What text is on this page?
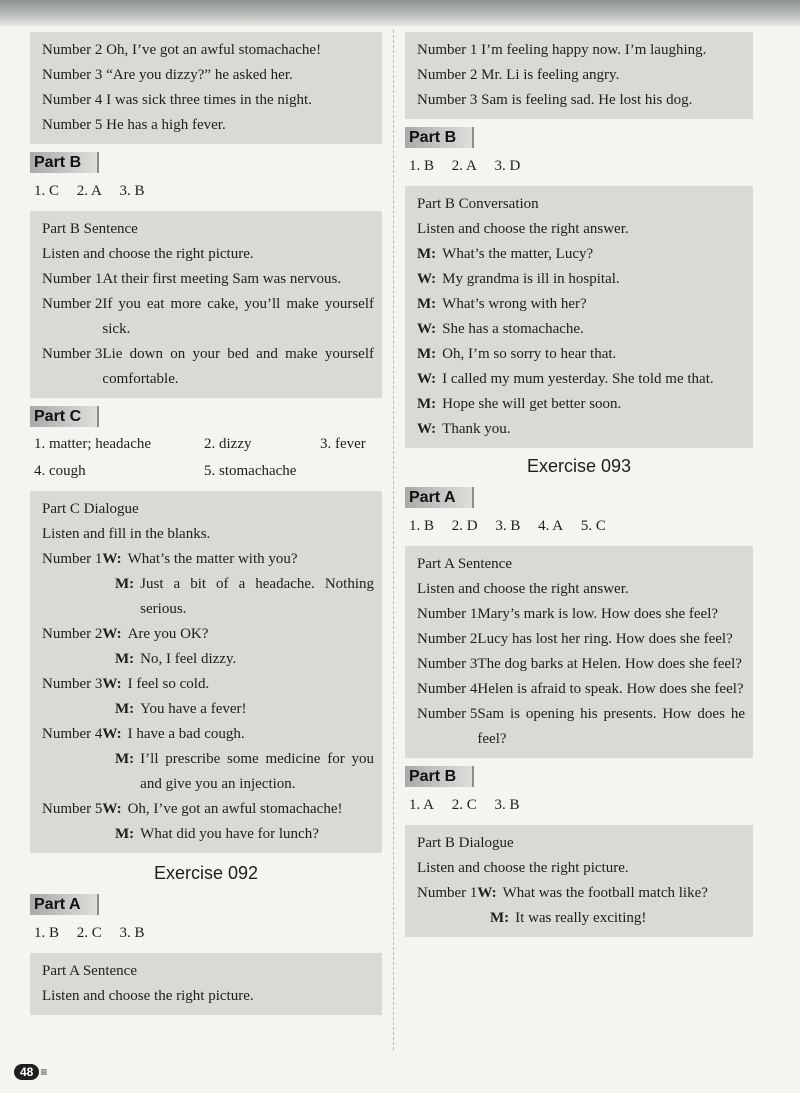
Number 2 Oh, I’ve got an awful stomachache!
Number 3 “Are you dizzy?” he asked her.
Number 4 I was sick three times in the night.
Number 5 He has a high fever.
Part B
1. C 2. A 3. B
Part B Sentence
Listen and choose the right picture.
Number 1 At their first meeting Sam was nervous.
Number 2 If you eat more cake, you’ll make yourself sick.
Number 3 Lie down on your bed and make yourself comfortable.
Part C
1. matter; headache	2. dizzy	3. fever
4. cough	5. stomachache
Part C Dialogue
Listen and fill in the blanks.
Number 1 W: What’s the matter with you?
M: Just a bit of a headache. Nothing serious.
Number 2 W: Are you OK?
M: No, I feel dizzy.
Number 3 W: I feel so cold.
M: You have a fever!
Number 4 W: I have a bad cough.
M: I’ll prescribe some medicine for you and give you an injection.
Number 5 W: Oh, I’ve got an awful stomachache!
M: What did you have for lunch?
Exercise 092
Part A
1. B 2. C 3. B
Part A Sentence
Listen and choose the right picture.
Number 1 I’m feeling happy now. I’m laughing.
Number 2 Mr. Li is feeling angry.
Number 3 Sam is feeling sad. He lost his dog.
Part B
1. B 2. A 3. D
Part B Conversation
Listen and choose the right answer.
M: What’s the matter, Lucy?
W: My grandma is ill in hospital.
M: What’s wrong with her?
W: She has a stomachache.
M: Oh, I’m so sorry to hear that.
W: I called my mum yesterday. She told me that.
M: Hope she will get better soon.
W: Thank you.
Exercise 093
Part A
1. B 2. D 3. B 4. A 5. C
Part A Sentence
Listen and choose the right answer.
Number 1 Mary’s mark is low. How does she feel?
Number 2 Lucy has lost her ring. How does she feel?
Number 3 The dog barks at Helen. How does she feel?
Number 4 Helen is afraid to speak. How does she feel?
Number 5 Sam is opening his presents. How does he feel?
Part B
1. A 2. C 3. B
Part B Dialogue
Listen and choose the right picture.
Number 1 W: What was the football match like?
M: It was really exciting!
48 ≡
